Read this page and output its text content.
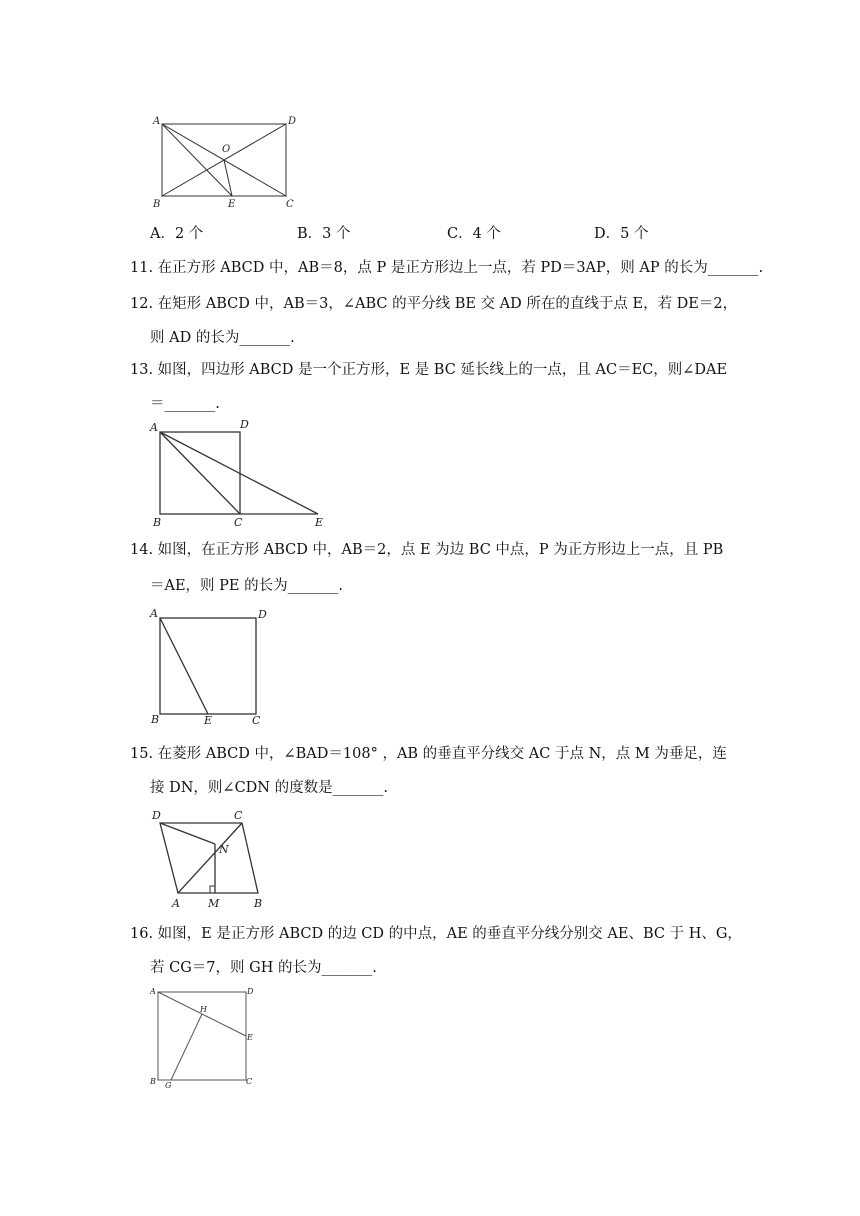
A	D
O
B	E	C
A．2 个	B．3 个	C．4 个	D．5 个
11. 在正方形 ABCD 中，AB＝8，点 P 是正方形边上一点，若 PD＝3AP，则 AP 的长为_______.
12. 在矩形 ABCD 中，AB＝3，∠ABC 的平分线 BE 交 AD 所在的直线于点 E，若 DE＝2，
则 AD 的长为_______.
13. 如图，四边形 ABCD 是一个正方形，E 是 BC 延长线上的一点，且 AC＝EC，则∠DAE
＝_______.
A	D
B	C	E
14. 如图，在正方形 ABCD 中，AB＝2，点 E 为边 BC 中点，P 为正方形边上一点，且 PB
＝AE，则 PE 的长为_______.
A	D
B	E	C
15. 在菱形 ABCD 中，∠BAD＝108° ，AB 的垂直平分线交 AC 于点 N，点 M 为垂足，连
接 DN，则∠CDN 的度数是_______.
D	C
N
A	M	B
16. 如图，E 是正方形 ABCD 的边 CD 的中点，AE 的垂直平分线分别交 AE、BC 于 H、G，
若 CG＝7，则 GH 的长为_______.
A	D
H
E
B G	C
